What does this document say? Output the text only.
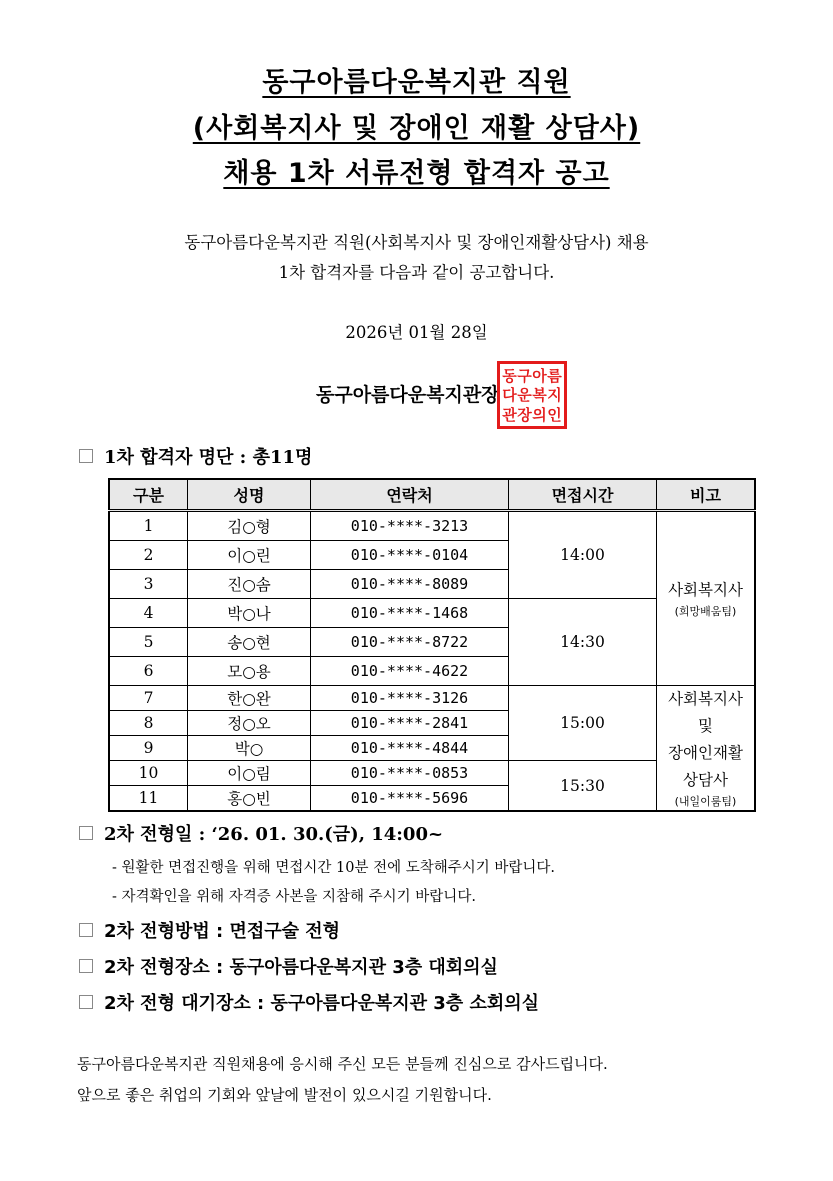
동구아름다운복지관 직원
(사회복지사 및 장애인 재활 상담사)
채용 1차 서류전형 합격자 공고
동구아름다운복지관 직원(사회복지사 및 장애인재활상담사) 채용
1차 합격자를 다음과 같이 공고합니다.
2026년 01월 28일
동구아름다운복지관장
동 구 아 름
다 운 복 지
관 장 의 인
1차 합격자 명단 : 총11명
구분	성명	연락처	면접시간	비고
1	김○형	010-****-3213	14:00	사회복지사
(희망배움팀)

2	이○린	010-****-0104		
3	진○솜	010-****-8089		
4	박○나	010-****-1468	14:30	
5	송○현	010-****-8722		
6	모○용	010-****-4622		
7	한○완	010-****-3126	15:00	사회복지사
및
장애인재활
상담사
(내일이룸팀)

8	정○오	010-****-2841		
9	박○	010-****-4844		
10	이○림	010-****-0853	15:30	
11	홍○빈	010-****-5696		
2차 전형일 : ‘26. 01. 30.(금), 14:00~
- 원활한 면접진행을 위해 면접시간 10분 전에 도착해주시기 바랍니다.
- 자격확인을 위해 자격증 사본을 지참해 주시기 바랍니다.
2차 전형방법 : 면접구술 전형
2차 전형장소 : 동구아름다운복지관 3층 대회의실
2차 전형 대기장소 : 동구아름다운복지관 3층 소회의실
동구아름다운복지관 직원채용에 응시해 주신 모든 분들께 진심으로 감사드립니다.
앞으로 좋은 취업의 기회와 앞날에 발전이 있으시길 기원합니다.
